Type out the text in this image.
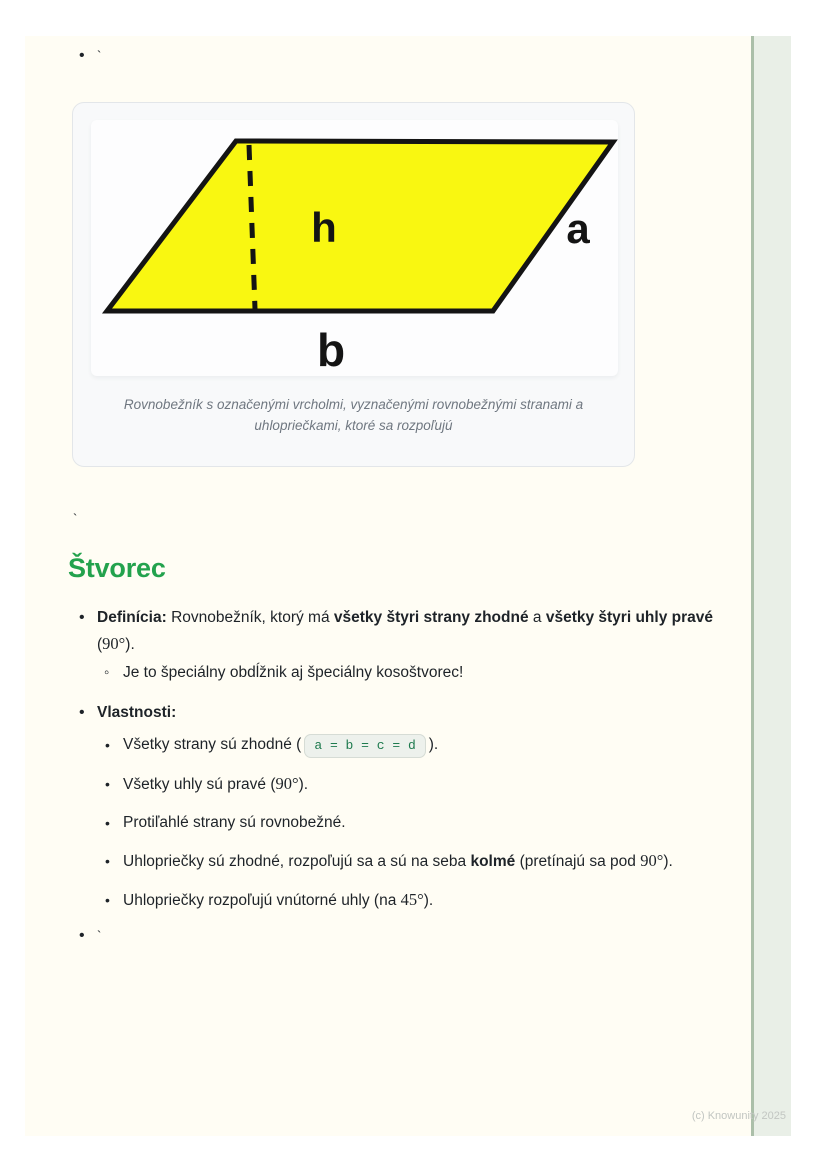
• `
h	a
b
Rovnobežník s označenými vrcholmi, vyznačenými rovnobežnými stranami a uhlopriečkami, ktoré sa rozpoľujú
`
Štvorec
• Definícia: Rovnobežník, ktorý má všetky štyri strany zhodné a všetky štyri uhly pravé (90°).
◦ Je to špeciálny obdĺžnik aj špeciálny kosoštvorec!
• Vlastnosti:
• Všetky strany sú zhodné ( a = b = c = d ).
• Všetky uhly sú pravé (90°).
• Protiľahlé strany sú rovnobežné.
• Uhlopriečky sú zhodné, rozpoľujú sa a sú na seba kolmé (pretínajú sa pod 90°).
• Uhlopriečky rozpoľujú vnútorné uhly (na 45°).
• `
(c) Knowunity 2025
